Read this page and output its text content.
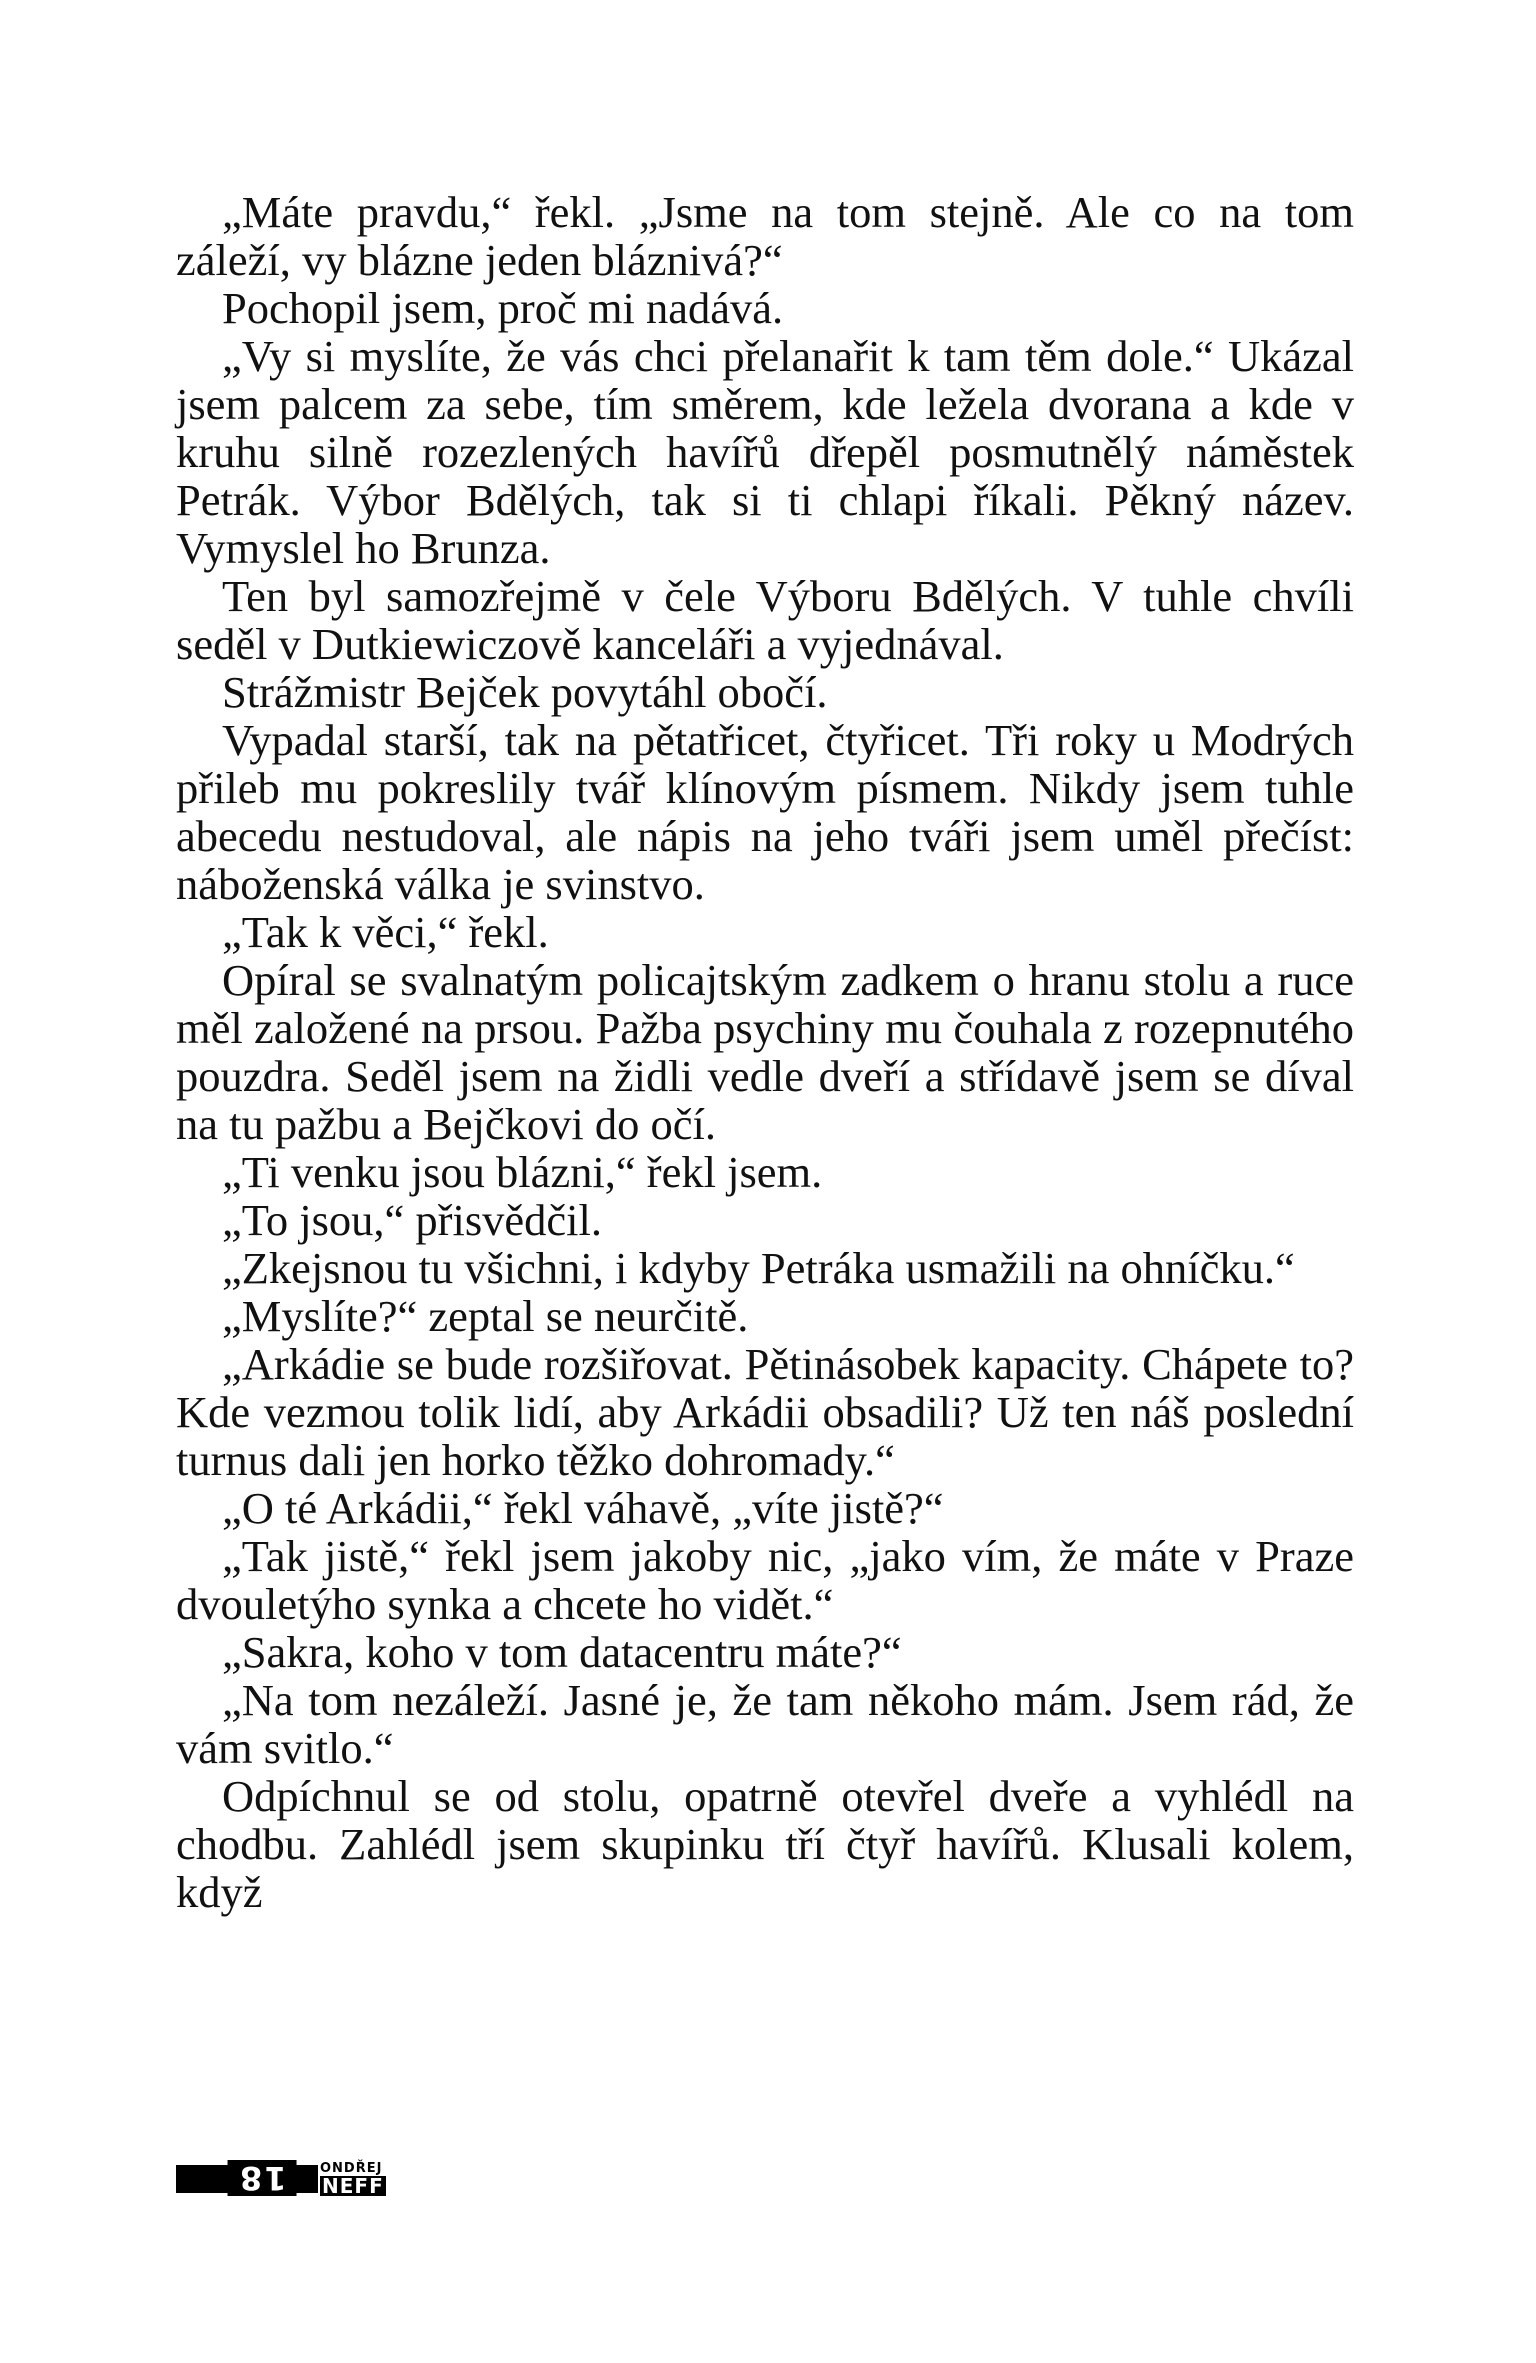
„Máte pravdu,“ řekl. „Jsme na tom stejně. Ale co na tom záleží, vy blázne jeden bláznivá?“

Pochopil jsem, proč mi nadává.

„Vy si myslíte, že vás chci přelanařit k tam těm dole.“ Ukázal jsem palcem za sebe, tím směrem, kde ležela dvorana a kde v kruhu silně rozezlených havířů dřepěl posmutnělý náměstek Petrák. Výbor Bdělých, tak si ti chlapi říkali. Pěkný název. Vymyslel ho Brunza.

Ten byl samozřejmě v čele Výboru Bdělých. V tuhle chvíli seděl v Dutkiewiczově kanceláři a vyjednával.

Strážmistr Bejček povytáhl obočí.

Vypadal starší, tak na pětatřicet, čtyřicet. Tři roky u Modrých přileb mu pokreslily tvář klínovým písmem. Nikdy jsem tuhle abecedu nestudoval, ale nápis na jeho tváři jsem uměl přečíst: náboženská válka je svinstvo.

„Tak k věci,“ řekl.

Opíral se svalnatým policajtským zadkem o hranu stolu a ruce měl založené na prsou. Pažba psychiny mu čouhala z rozepnutého pouzdra. Seděl jsem na židli vedle dveří a střídavě jsem se díval na tu pažbu a Bejčkovi do očí.

„Ti venku jsou blázni,“ řekl jsem.

„To jsou,“ přisvědčil.

„Zkejsnou tu všichni, i kdyby Petráka usmažili na ohníčku.“

„Myslíte?“ zeptal se neurčitě.

„Arkádie se bude rozšiřovat. Pětinásobek kapacity. Chápete to? Kde vezmou tolik lidí, aby Arkádii obsadili? Už ten náš poslední turnus dali jen horko těžko dohromady.“

„O té Arkádii,“ řekl váhavě, „víte jistě?“

„Tak jistě,“ řekl jsem jakoby nic, „jako vím, že máte v Praze dvouletýho synka a chcete ho vidět.“

„Sakra, koho v tom datacentru máte?“

„Na tom nezáleží. Jasné je, že tam někoho mám. Jsem rád, že vám svitlo.“

Odpíchnul se od stolu, opatrně otevřel dveře a vyhlédl na chodbu. Zahlédl jsem skupinku tří čtyř havířů. Klusali kolem, když

18	ONDŘEJ
NEFF
